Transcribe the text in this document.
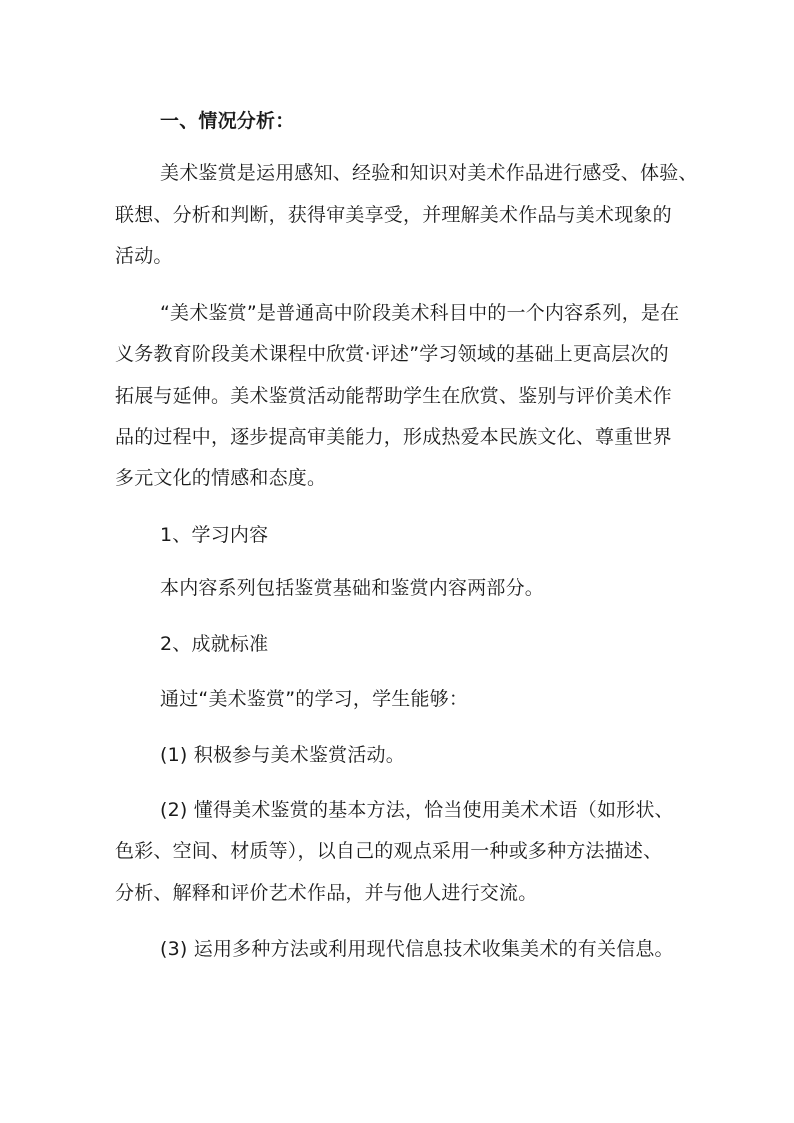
一、情况分析：
美术鉴赏是运用感知、经验和知识对美术作品进行感受、体验、
联想、分析和判断，获得审美享受，并理解美术作品与美术现象的
活动。
“美术鉴赏”是普通高中阶段美术科目中的一个内容系列，是在
义务教育阶段美术课程中欣赏·评述”学习领域的基础上更高层次的
拓展与延伸。美术鉴赏活动能帮助学生在欣赏、鉴别与评价美术作
品的过程中，逐步提高审美能力，形成热爱本民族文化、尊重世界
多元文化的情感和态度。
1、学习内容
本内容系列包括鉴赏基础和鉴赏内容两部分。
2、成就标准
通过“美术鉴赏”的学习，学生能够：
(1) 积极参与美术鉴赏活动。
(2) 懂得美术鉴赏的基本方法，恰当使用美术术语（如形状、
色彩、空间、材质等），以自己的观点采用一种或多种方法描述、
分析、解释和评价艺术作品，并与他人进行交流。
(3) 运用多种方法或利用现代信息技术收集美术的有关信息。
